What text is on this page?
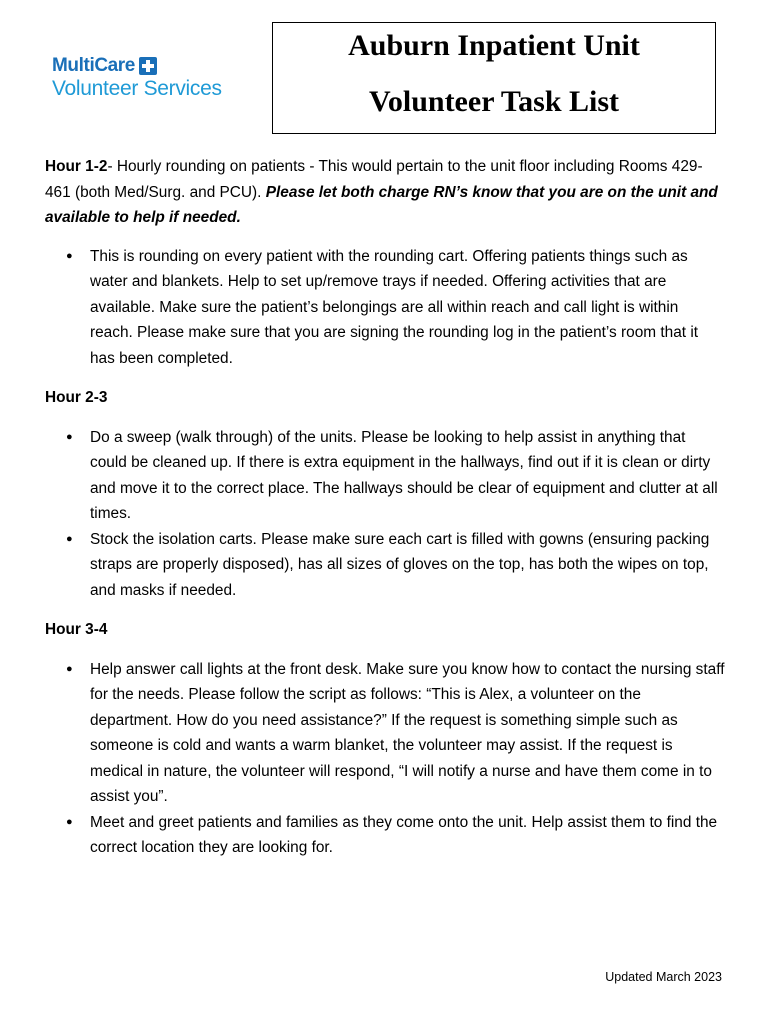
MultiCare
Volunteer Services
Auburn Inpatient Unit
Volunteer Task List

Hour 1-2- Hourly rounding on patients - This would pertain to the unit floor including Rooms 429-461 (both Med/Surg. and PCU). Please let both charge RN’s know that you are on the unit and available to help if needed.

● This is rounding on every patient with the rounding cart. Offering patients things such as water and blankets. Help to set up/remove trays if needed. Offering activities that are available. Make sure the patient’s belongings are all within reach and call light is within reach. Please make sure that you are signing the rounding log in the patient’s room that it has been completed.

Hour 2-3

● Do a sweep (walk through) of the units. Please be looking to help assist in anything that could be cleaned up. If there is extra equipment in the hallways, find out if it is clean or dirty and move it to the correct place. The hallways should be clear of equipment and clutter at all times.
● Stock the isolation carts. Please make sure each cart is filled with gowns (ensuring packing straps are properly disposed), has all sizes of gloves on the top, has both the wipes on top, and masks if needed.

Hour 3-4

● Help answer call lights at the front desk. Make sure you know how to contact the nursing staff for the needs. Please follow the script as follows: “This is Alex, a volunteer on the department. How do you need assistance?” If the request is something simple such as someone is cold and wants a warm blanket, the volunteer may assist. If the request is medical in nature, the volunteer will respond, “I will notify a nurse and have them come in to assist you”.
● Meet and greet patients and families as they come onto the unit. Help assist them to find the correct location they are looking for.
Updated March 2023
